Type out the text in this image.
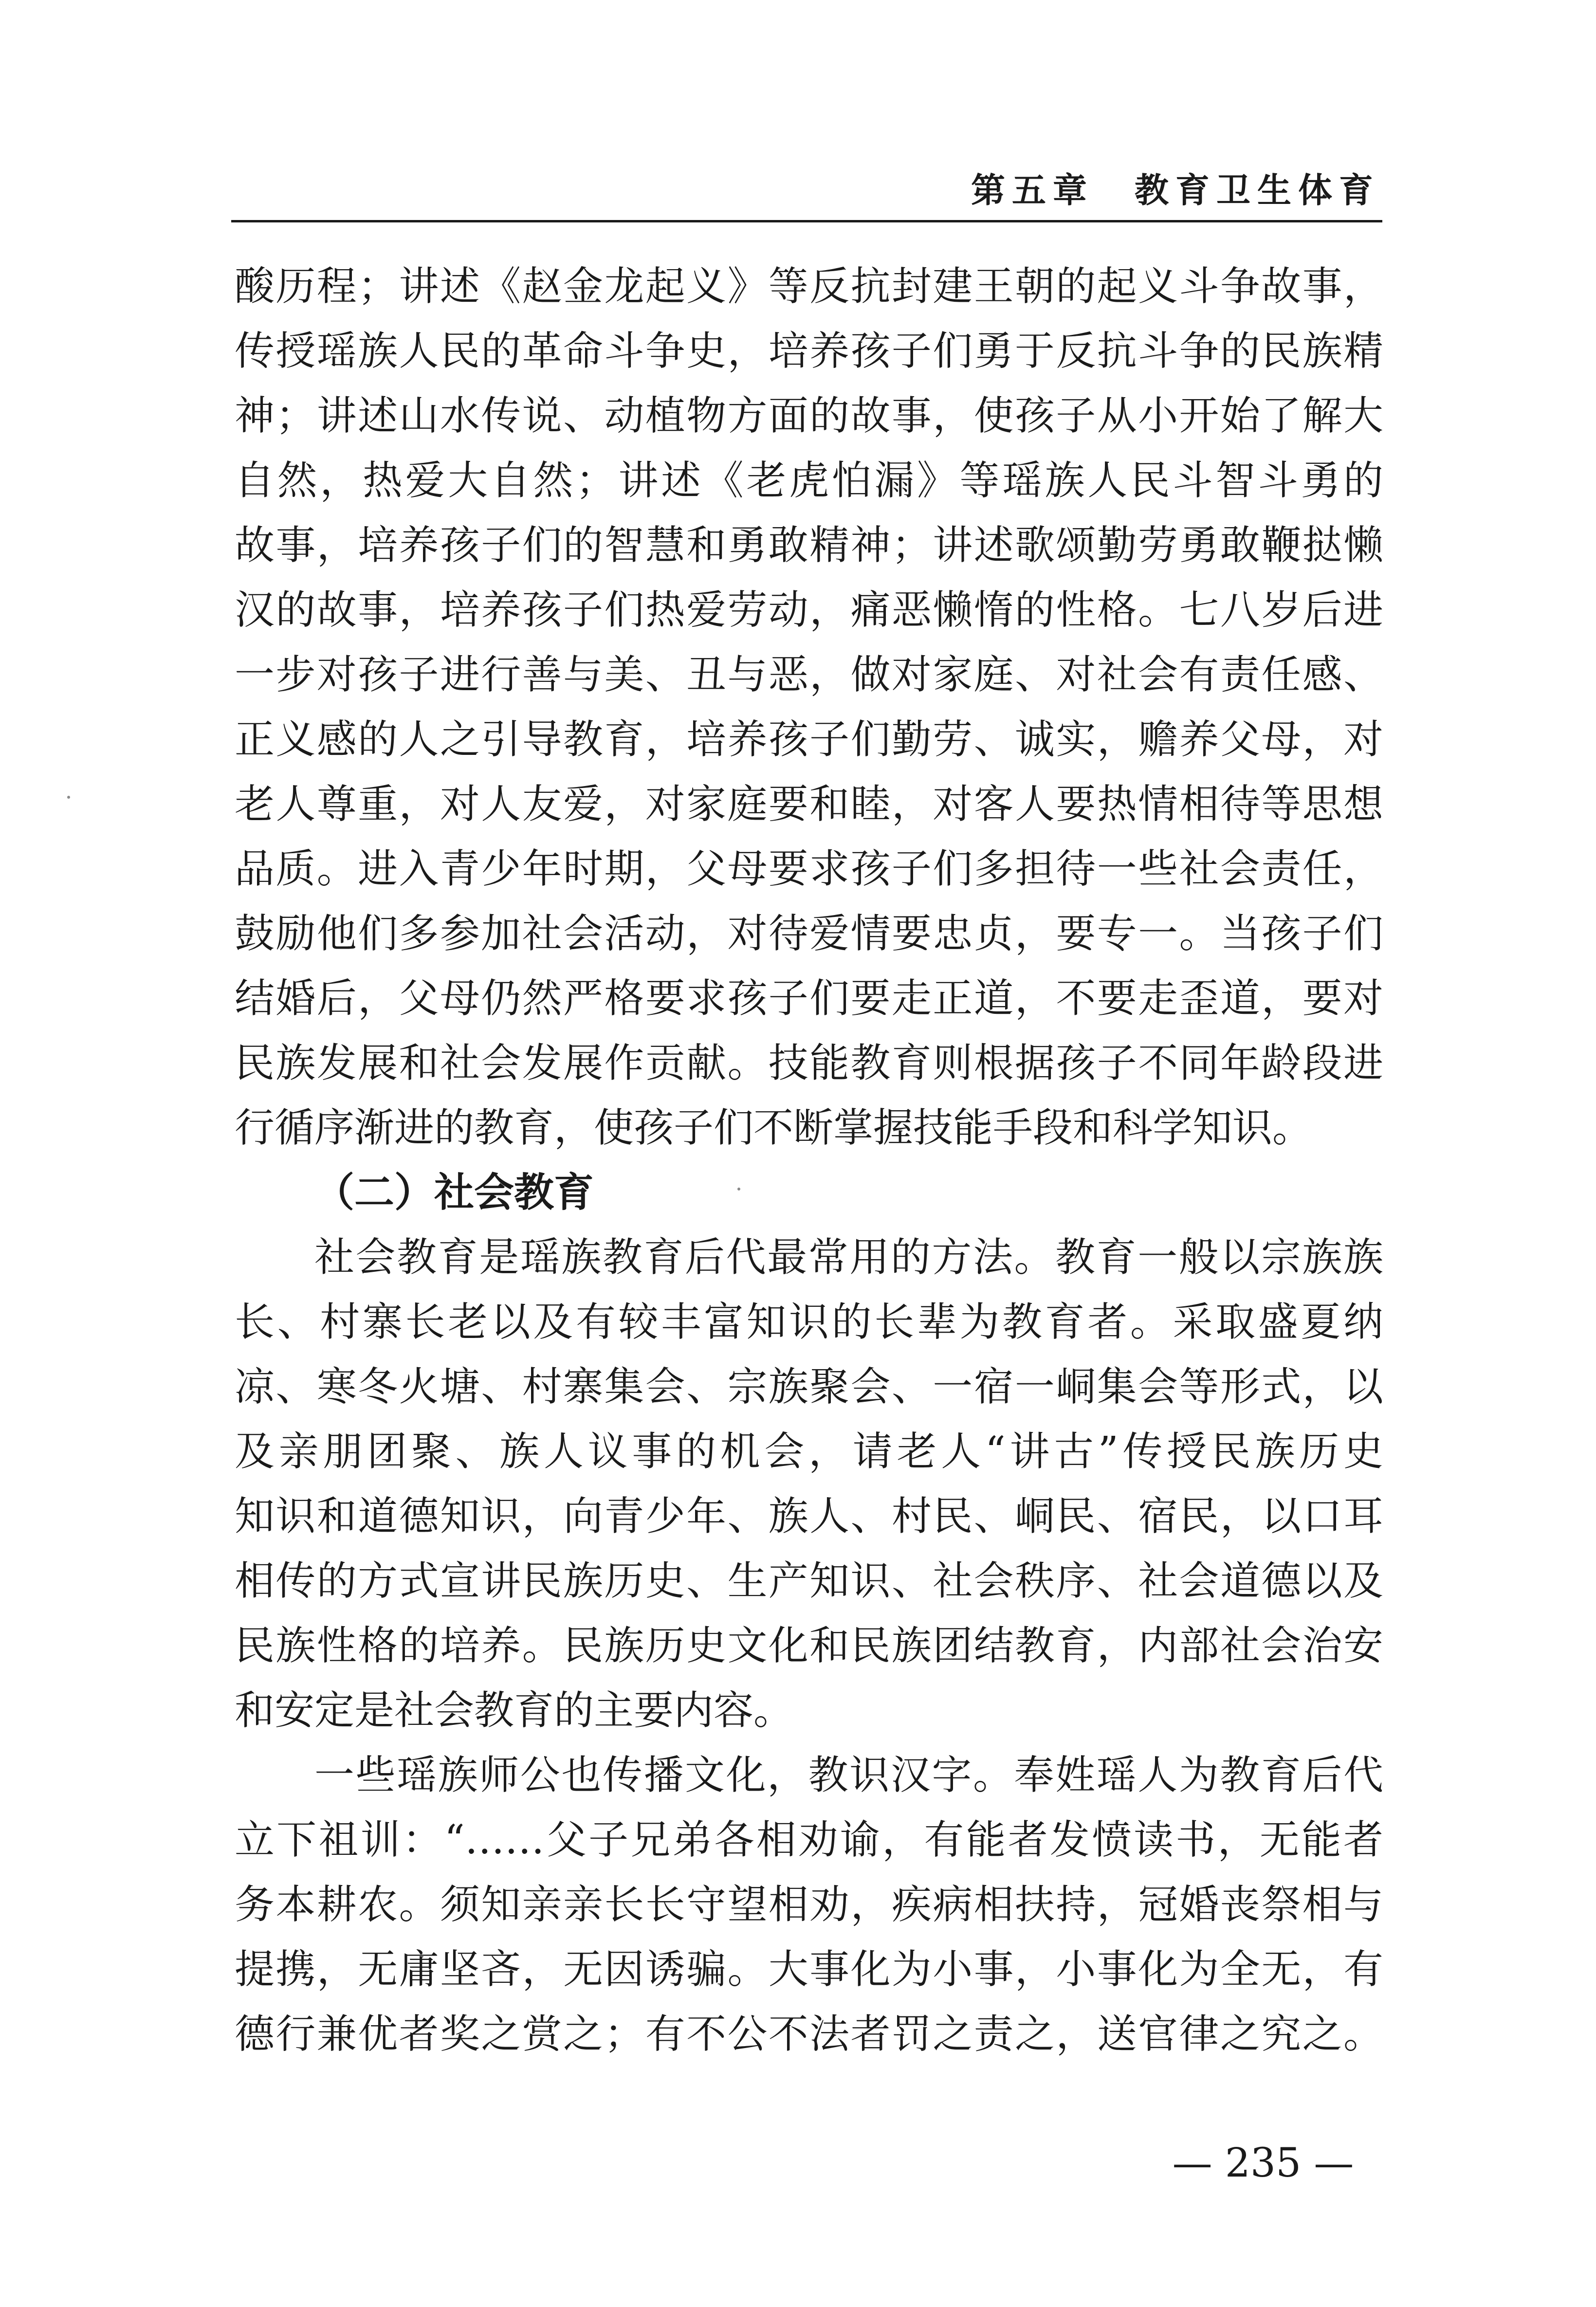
第五章　教育卫生体育
酸历程；讲述《赵金龙起义》等反抗封建王朝的起义斗争故事，
传授瑶族人民的革命斗争史，培养孩子们勇于反抗斗争的民族精
神；讲述山水传说、动植物方面的故事，使孩子从小开始了解大
自然，热爱大自然；讲述《老虎怕漏》等瑶族人民斗智斗勇的
故事，培养孩子们的智慧和勇敢精神；讲述歌颂勤劳勇敢鞭挞懒
汉的故事，培养孩子们热爱劳动，痛恶懒惰的性格。七八岁后进
一步对孩子进行善与美、丑与恶，做对家庭、对社会有责任感、
正义感的人之引导教育，培养孩子们勤劳、诚实，赡养父母，对
老人尊重，对人友爱，对家庭要和睦，对客人要热情相待等思想
品质。进入青少年时期，父母要求孩子们多担待一些社会责任，
鼓励他们多参加社会活动，对待爱情要忠贞，要专一。当孩子们
结婚后，父母仍然严格要求孩子们要走正道，不要走歪道，要对
民族发展和社会发展作贡献。技能教育则根据孩子不同年龄段进
行循序渐进的教育，使孩子们不断掌握技能手段和科学知识。
（二）社会教育
社会教育是瑶族教育后代最常用的方法。教育一般以宗族族
长、村寨长老以及有较丰富知识的长辈为教育者。采取盛夏纳
凉、寒冬火塘、村寨集会、宗族聚会、一宿一峒集会等形式，以
及亲朋团聚、族人议事的机会，请老人“讲古”传授民族历史
知识和道德知识，向青少年、族人、村民、峒民、宿民，以口耳
相传的方式宣讲民族历史、生产知识、社会秩序、社会道德以及
民族性格的培养。民族历史文化和民族团结教育，内部社会治安
和安定是社会教育的主要内容。
一些瑶族师公也传播文化，教识汉字。奉姓瑶人为教育后代
立下祖训：“……父子兄弟各相劝谕，有能者发愤读书，无能者
务本耕农。须知亲亲长长守望相劝，疾病相扶持，冠婚丧祭相与
提携，无庸坚吝，无因诱骗。大事化为小事，小事化为全无，有
德行兼优者奖之赏之；有不公不法者罚之责之，送官律之究之。
— 235 —
